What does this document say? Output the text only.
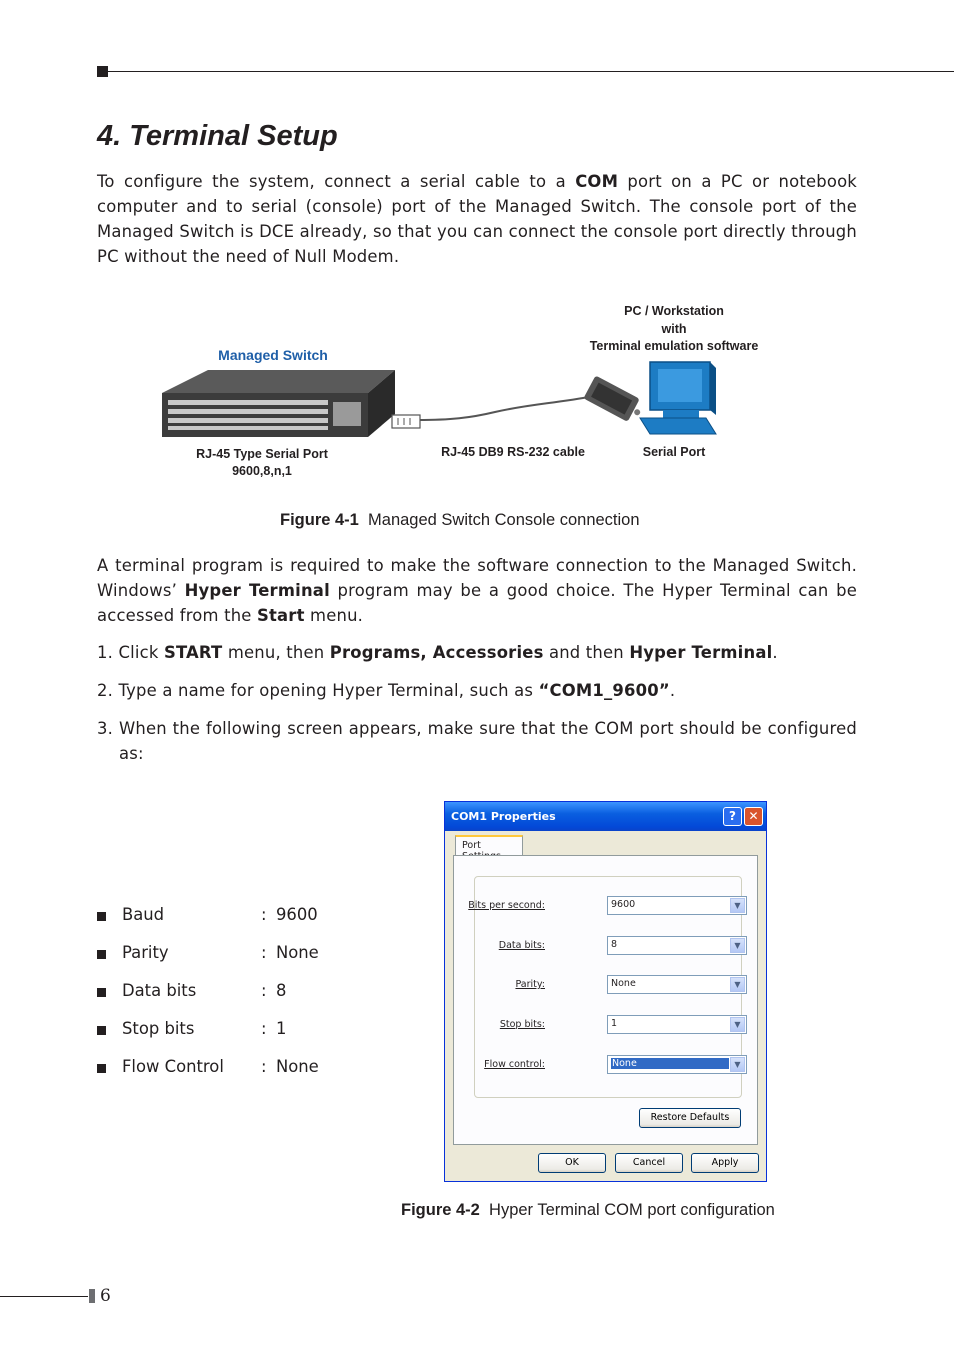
4. Terminal Setup

To configure the system, connect a serial cable to a COM port on a PC or notebook computer and to serial (console) port of the Managed Switch. The console port of the Managed Switch is DCE already, so that you can connect the console port directly through PC without the need of Null Modem.

Managed Switch
PC / Workstation
with
Terminal emulation software
RJ-45 Type Serial Port
9600,8,n,1
RJ-45 DB9 RS-232 cable	Serial Port
Figure 4-1 Managed Switch Console connection

A terminal program is required to make the software connection to the Managed Switch. Windows’ Hyper Terminal program may be a good choice. The Hyper Terminal can be accessed from the Start menu.

1. Click START menu, then Programs, Accessories and then Hyper Terminal.

2. Type a name for opening Hyper Terminal, such as “COM1_9600”.

3. When the following screen appears, make sure that the COM port should be configured as:

Baud	: 9600
Parity	: None
Data bits	: 8
Stop bits	: 1
Flow Control : None
COM1 Properties	?	✕
Port
Bits per second:	9600	▼
Data bits:	8	▼
Parity:	None	▼
Stop bits:	1	▼
Flow control:	None	▼
Restore Defaults
OK	Cancel	Apply
Figure 4-2 Hyper Terminal COM port configuration
6
